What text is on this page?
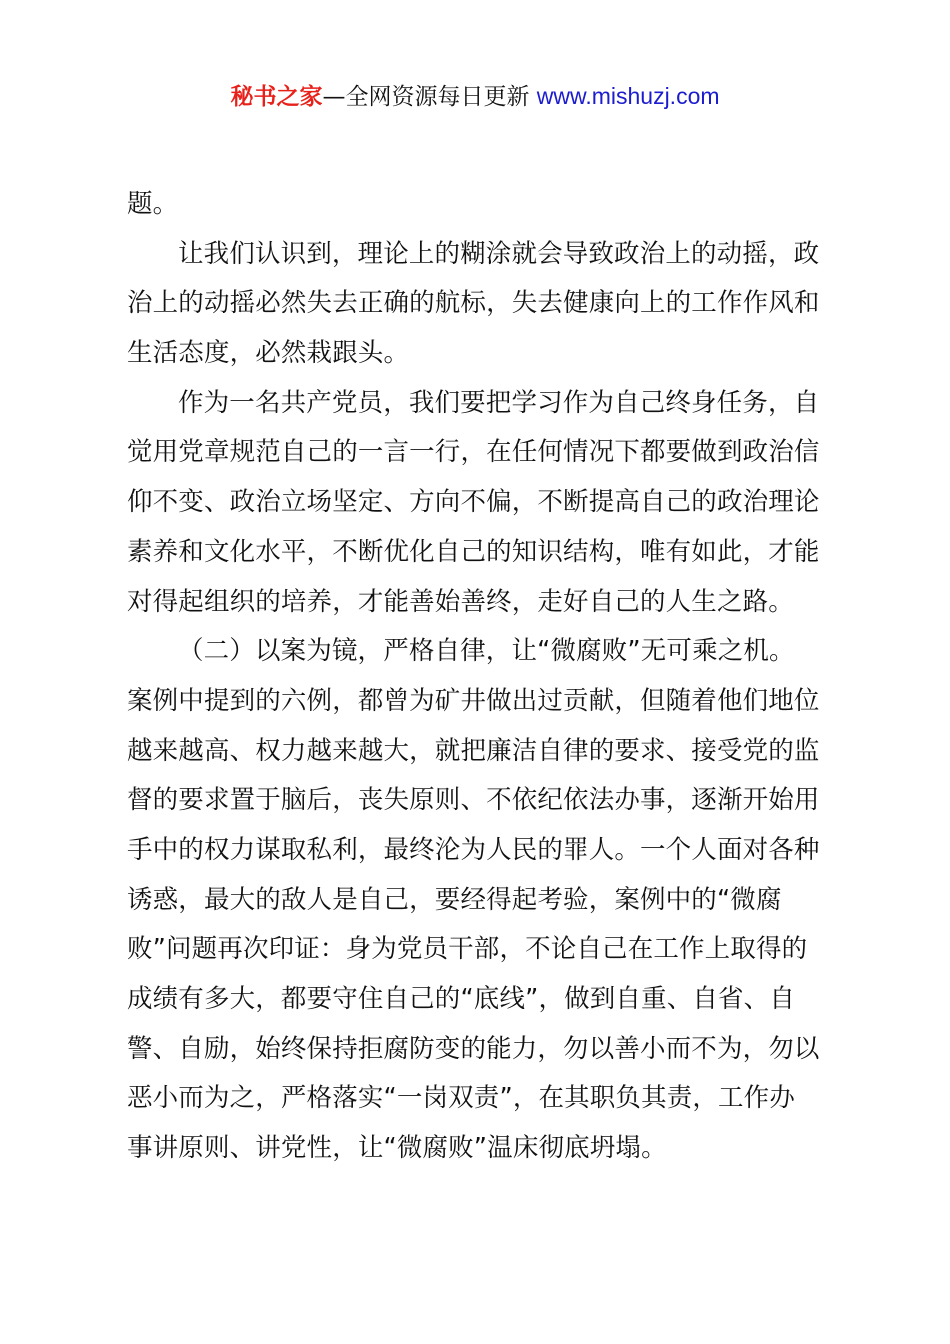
秘书之家—全网资源每日更新 www.mishuzj.com
题。
让我们认识到，理论上的糊涂就会导致政治上的动摇，政
治上的动摇必然失去正确的航标，失去健康向上的工作作风和
生活态度，必然栽跟头。
作为一名共产党员，我们要把学习作为自己终身任务，自
觉用党章规范自己的一言一行，在任何情况下都要做到政治信
仰不变、政治立场坚定、方向不偏，不断提高自己的政治理论
素养和文化水平，不断优化自己的知识结构，唯有如此，才能
对得起组织的培养，才能善始善终，走好自己的人生之路。
（二）以案为镜，严格自律，让“微腐败”无可乘之机。
案例中提到的六例，都曾为矿井做出过贡献，但随着他们地位
越来越高、权力越来越大，就把廉洁自律的要求、接受党的监
督的要求置于脑后，丧失原则、不依纪依法办事，逐渐开始用
手中的权力谋取私利，最终沦为人民的罪人。一个人面对各种
诱惑，最大的敌人是自己，要经得起考验，案例中的“微腐
败”问题再次印证：身为党员干部，不论自己在工作上取得的
成绩有多大，都要守住自己的“底线”，做到自重、自省、自
警、自励，始终保持拒腐防变的能力，勿以善小而不为，勿以
恶小而为之，严格落实“一岗双责”，在其职负其责，工作办
事讲原则、讲党性，让“微腐败”温床彻底坍塌。
